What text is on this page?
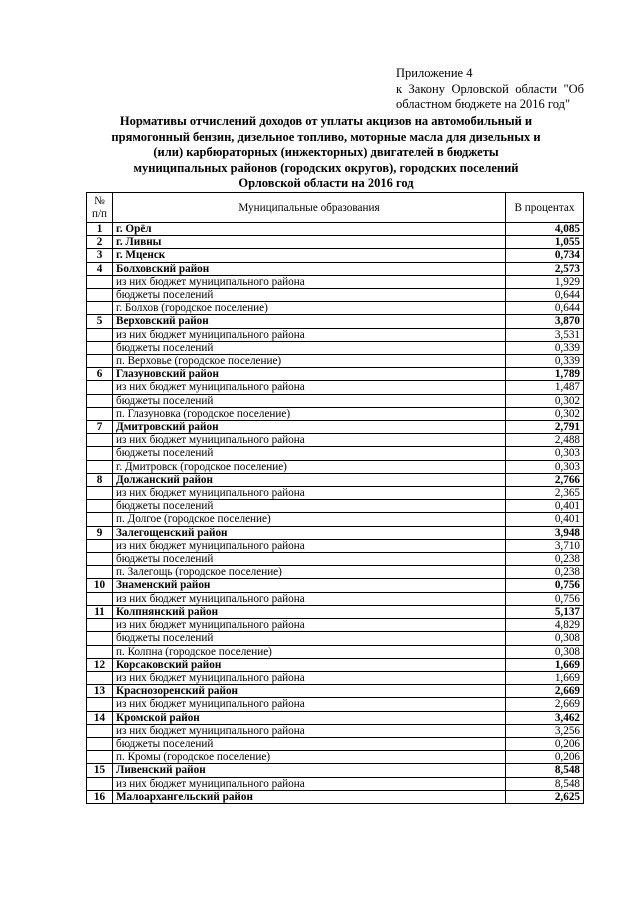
Приложение 4
к Закону Орловской области "Об
областном бюджете на 2016 год"
Нормативы отчислений доходов от уплаты акцизов на автомобильный и
прямогонный бензин, дизельное топливо, моторные масла для дизельных и
(или) карбюраторных (инжекторных) двигателей в бюджеты
муниципальных районов (городских округов), городских поселений
Орловской области на 2016 год
№
п/п	Муниципальные образования	В процентах
1	г. Орёл	4,085
2	г. Ливны	1,055
3	г. Мценск	0,734
4	Болховский район	2,573
	из них бюджет муниципального района	1,929
	бюджеты поселений	0,644
	г. Болхов (городское поселение)	0,644
5	Верховский район	3,870
	из них бюджет муниципального района	3,531
	бюджеты поселений	0,339
	п. Верховье (городское поселение)	0,339
6	Глазуновский район	1,789
	из них бюджет муниципального района	1,487
	бюджеты поселений	0,302
	п. Глазуновка (городское поселение)	0,302
7	Дмитровский район	2,791
	из них бюджет муниципального района	2,488
	бюджеты поселений	0,303
	г. Дмитровск (городское поселение)	0,303
8	Должанский район	2,766
	из них бюджет муниципального района	2,365
	бюджеты поселений	0,401
	п. Долгое (городское поселение)	0,401
9	Залегощенский район	3,948
	из них бюджет муниципального района	3,710
	бюджеты поселений	0,238
	п. Залегощь (городское поселение)	0,238
10	Знаменский район	0,756
	из них бюджет муниципального района	0,756
11	Колпнянский район	5,137
	из них бюджет муниципального района	4,829
	бюджеты поселений	0,308
	п. Колпна (городское поселение)	0,308
12	Корсаковский район	1,669
	из них бюджет муниципального района	1,669
13	Краснозоренский район	2,669
	из них бюджет муниципального района	2,669
14	Кромской район	3,462
	из них бюджет муниципального района	3,256
	бюджеты поселений	0,206
	п. Кромы (городское поселение)	0,206
15	Ливенский район	8,548
	из них бюджет муниципального района	8,548
16	Малоархангельский район	2,625
